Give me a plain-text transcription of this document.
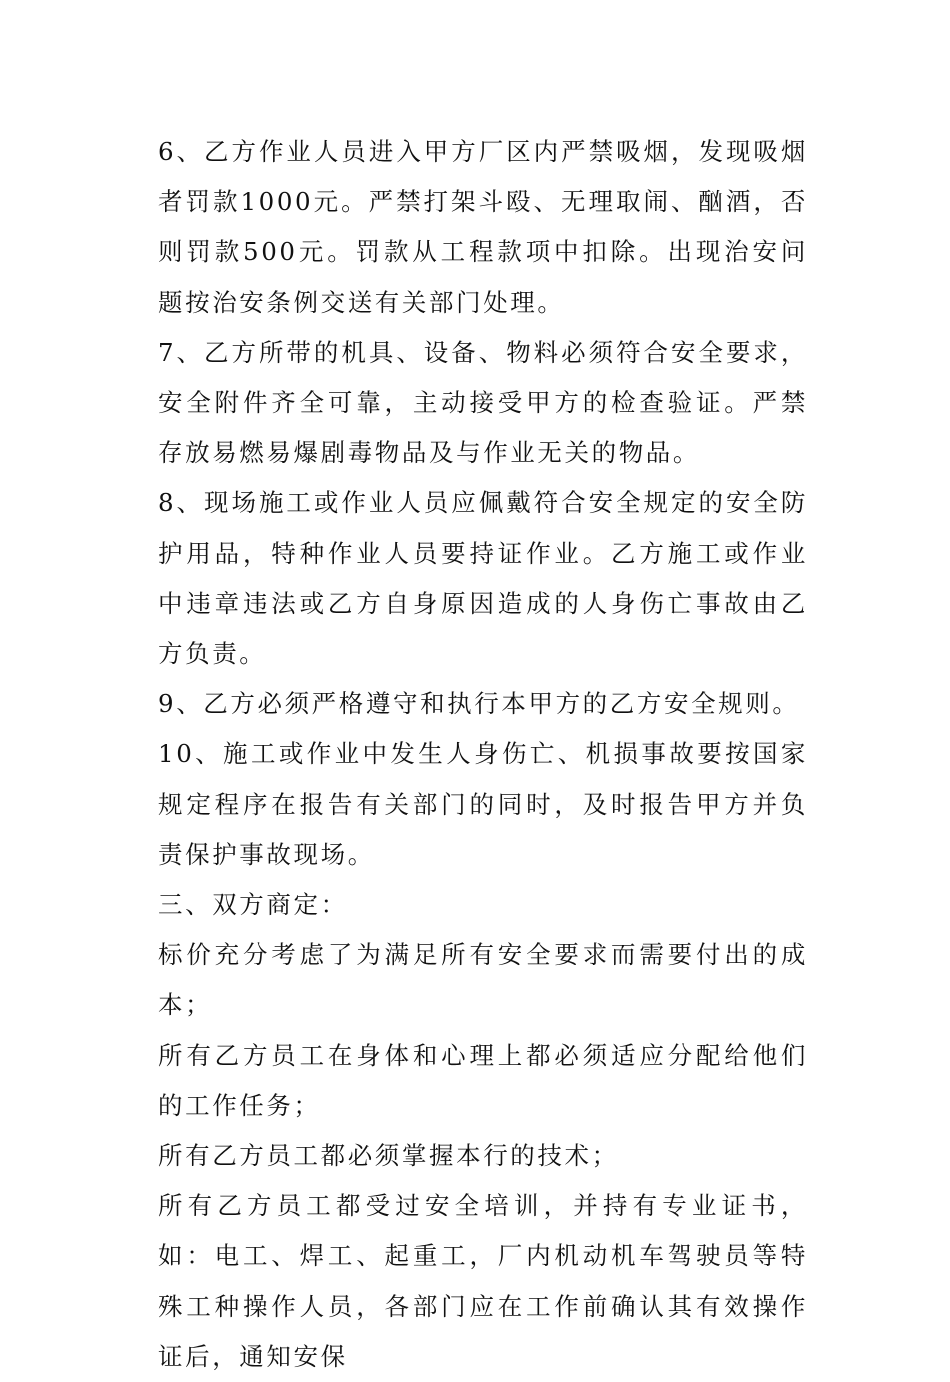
6、乙方作业人员进入甲方厂区内严禁吸烟，发现吸烟者罚款1000元。严禁打架斗殴、无理取闹、酗酒，否则罚款500元。罚款从工程款项中扣除。出现治安问题按治安条例交送有关部门处理。

7、乙方所带的机具、设备、物料必须符合安全要求，安全附件齐全可靠，主动接受甲方的检查验证。严禁存放易燃易爆剧毒物品及与作业无关的物品。

8、现场施工或作业人员应佩戴符合安全规定的安全防护用品，特种作业人员要持证作业。乙方施工或作业中违章违法或乙方自身原因造成的人身伤亡事故由乙方负责。

9、乙方必须严格遵守和执行本甲方的乙方安全规则。

10、施工或作业中发生人身伤亡、机损事故要按国家规定程序在报告有关部门的同时，及时报告甲方并负责保护事故现场。

三、双方商定：

标价充分考虑了为满足所有安全要求而需要付出的成本；

所有乙方员工在身体和心理上都必须适应分配给他们的工作任务；

所有乙方员工都必须掌握本行的技术；

所有乙方员工都受过安全培训，并持有专业证书，如：电工、焊工、起重工，厂内机动机车驾驶员等特殊工种操作人员，各部门应在工作前确认其有效操作证后，通知安保
